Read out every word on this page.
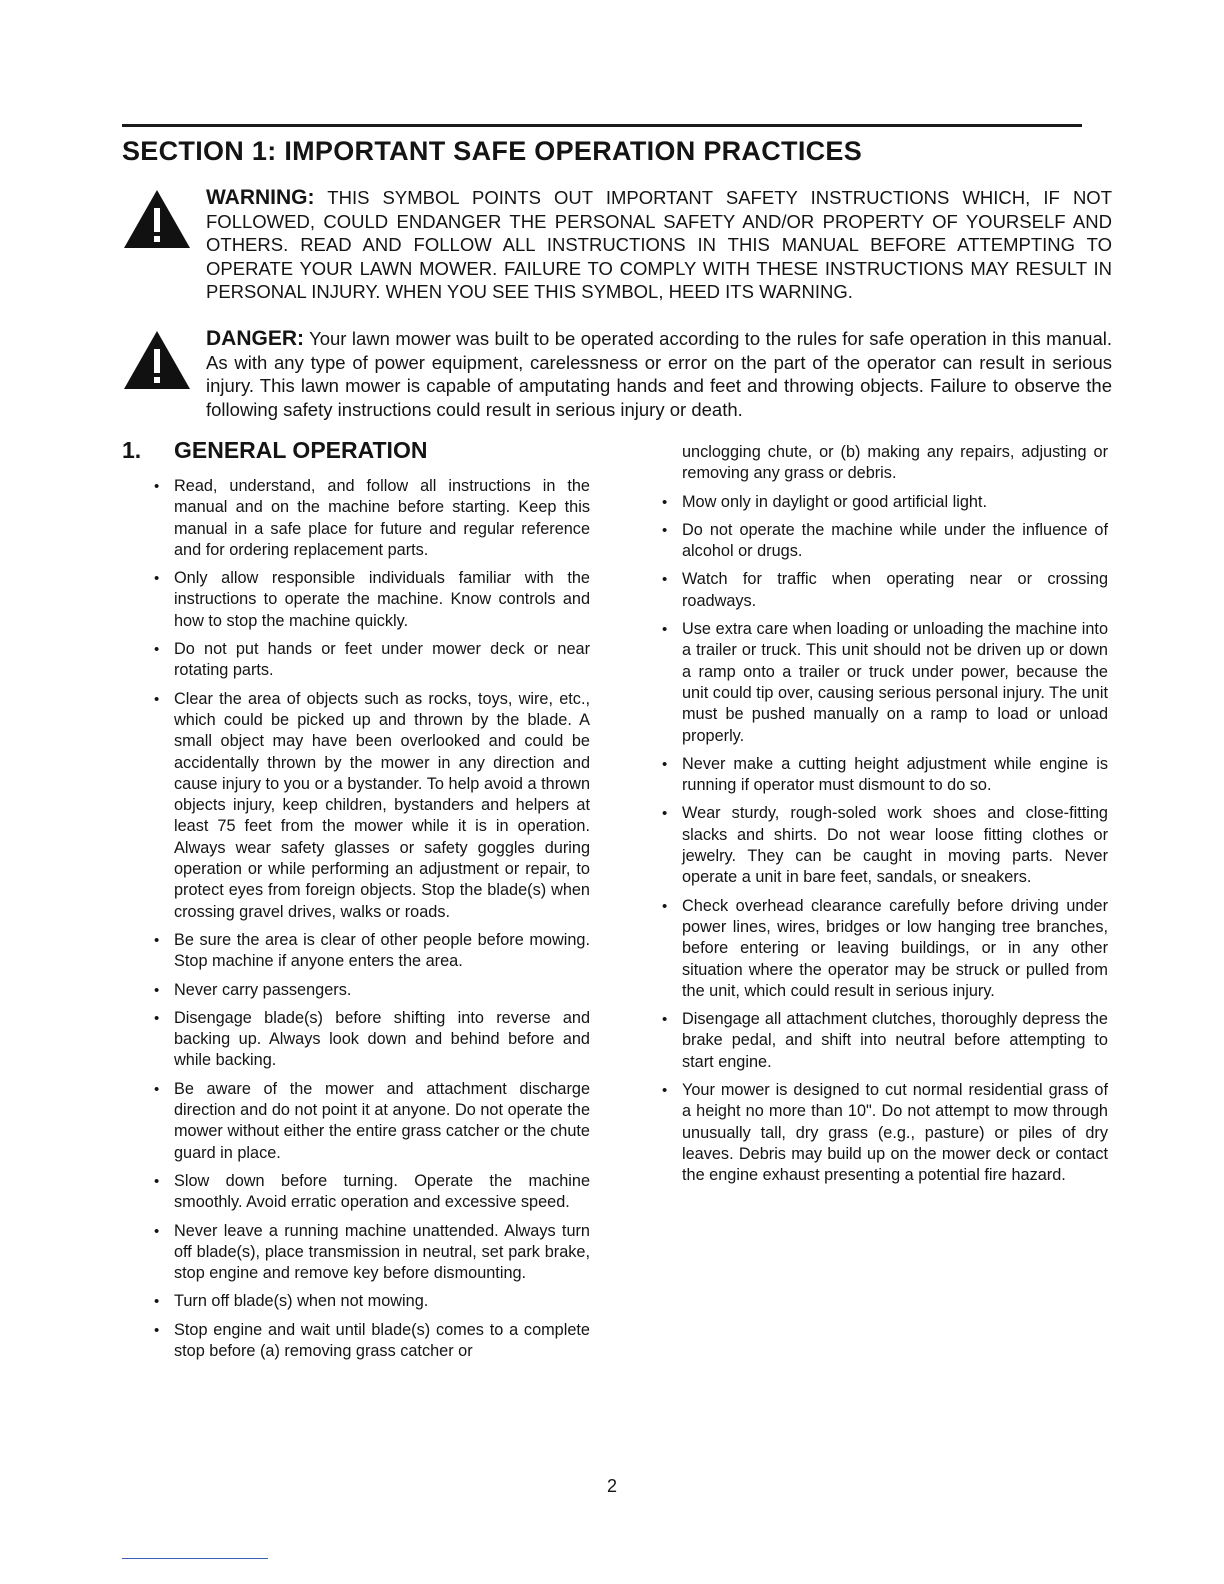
SECTION 1: IMPORTANT SAFE OPERATION PRACTICES

WARNING: THIS SYMBOL POINTS OUT IMPORTANT SAFETY INSTRUCTIONS WHICH, IF NOT FOLLOWED, COULD ENDANGER THE PERSONAL SAFETY AND/OR PROPERTY OF YOURSELF AND OTHERS. READ AND FOLLOW ALL INSTRUCTIONS IN THIS MANUAL BEFORE ATTEMPTING TO OPERATE YOUR LAWN MOWER. FAILURE TO COMPLY WITH THESE INSTRUCTIONS MAY RESULT IN PERSONAL INJURY. WHEN YOU SEE THIS SYMBOL, HEED ITS WARNING.

DANGER: Your lawn mower was built to be operated according to the rules for safe operation in this manual. As with any type of power equipment, carelessness or error on the part of the operator can result in serious injury. This lawn mower is capable of amputating hands and feet and throwing objects. Failure to observe the following safety instructions could result in serious injury or death.

1. GENERAL OPERATION
• Read, understand, and follow all instructions in the manual and on the machine before starting. Keep this manual in a safe place for future and regular reference and for ordering replacement parts.
• Only allow responsible individuals familiar with the instructions to operate the machine. Know controls and how to stop the machine quickly.
• Do not put hands or feet under mower deck or near rotating parts.
• Clear the area of objects such as rocks, toys, wire, etc., which could be picked up and thrown by the blade. A small object may have been overlooked and could be accidentally thrown by the mower in any direction and cause injury to you or a bystander. To help avoid a thrown objects injury, keep children, bystanders and helpers at least 75 feet from the mower while it is in operation. Always wear safety glasses or safety goggles during operation or while performing an adjustment or repair, to protect eyes from foreign objects. Stop the blade(s) when crossing gravel drives, walks or roads.
• Be sure the area is clear of other people before mowing. Stop machine if anyone enters the area.
• Never carry passengers.
• Disengage blade(s) before shifting into reverse and backing up. Always look down and behind before and while backing.
• Be aware of the mower and attachment discharge direction and do not point it at anyone. Do not operate the mower without either the entire grass catcher or the chute guard in place.
• Slow down before turning. Operate the machine smoothly. Avoid erratic operation and excessive speed.
• Never leave a running machine unattended. Always turn off blade(s), place transmission in neutral, set park brake, stop engine and remove key before dismounting.
• Turn off blade(s) when not mowing.
• Stop engine and wait until blade(s) comes to a complete stop before (a) removing grass catcher or

unclogging chute, or (b) making any repairs, adjusting or removing any grass or debris.

• Mow only in daylight or good artificial light.
• Do not operate the machine while under the influence of alcohol or drugs.
• Watch for traffic when operating near or crossing roadways.
• Use extra care when loading or unloading the machine into a trailer or truck. This unit should not be driven up or down a ramp onto a trailer or truck under power, because the unit could tip over, causing serious personal injury. The unit must be pushed manually on a ramp to load or unload properly.
• Never make a cutting height adjustment while engine is running if operator must dismount to do so.
• Wear sturdy, rough-soled work shoes and close-fitting slacks and shirts. Do not wear loose fitting clothes or jewelry. They can be caught in moving parts. Never operate a unit in bare feet, sandals, or sneakers.
• Check overhead clearance carefully before driving under power lines, wires, bridges or low hanging tree branches, before entering or leaving buildings, or in any other situation where the operator may be struck or pulled from the unit, which could result in serious injury.
• Disengage all attachment clutches, thoroughly depress the brake pedal, and shift into neutral before attempting to start engine.
• Your mower is designed to cut normal residential grass of a height no more than 10". Do not attempt to mow through unusually tall, dry grass (e.g., pasture) or piles of dry leaves. Debris may build up on the mower deck or contact the engine exhaust presenting a potential fire hazard.
2
